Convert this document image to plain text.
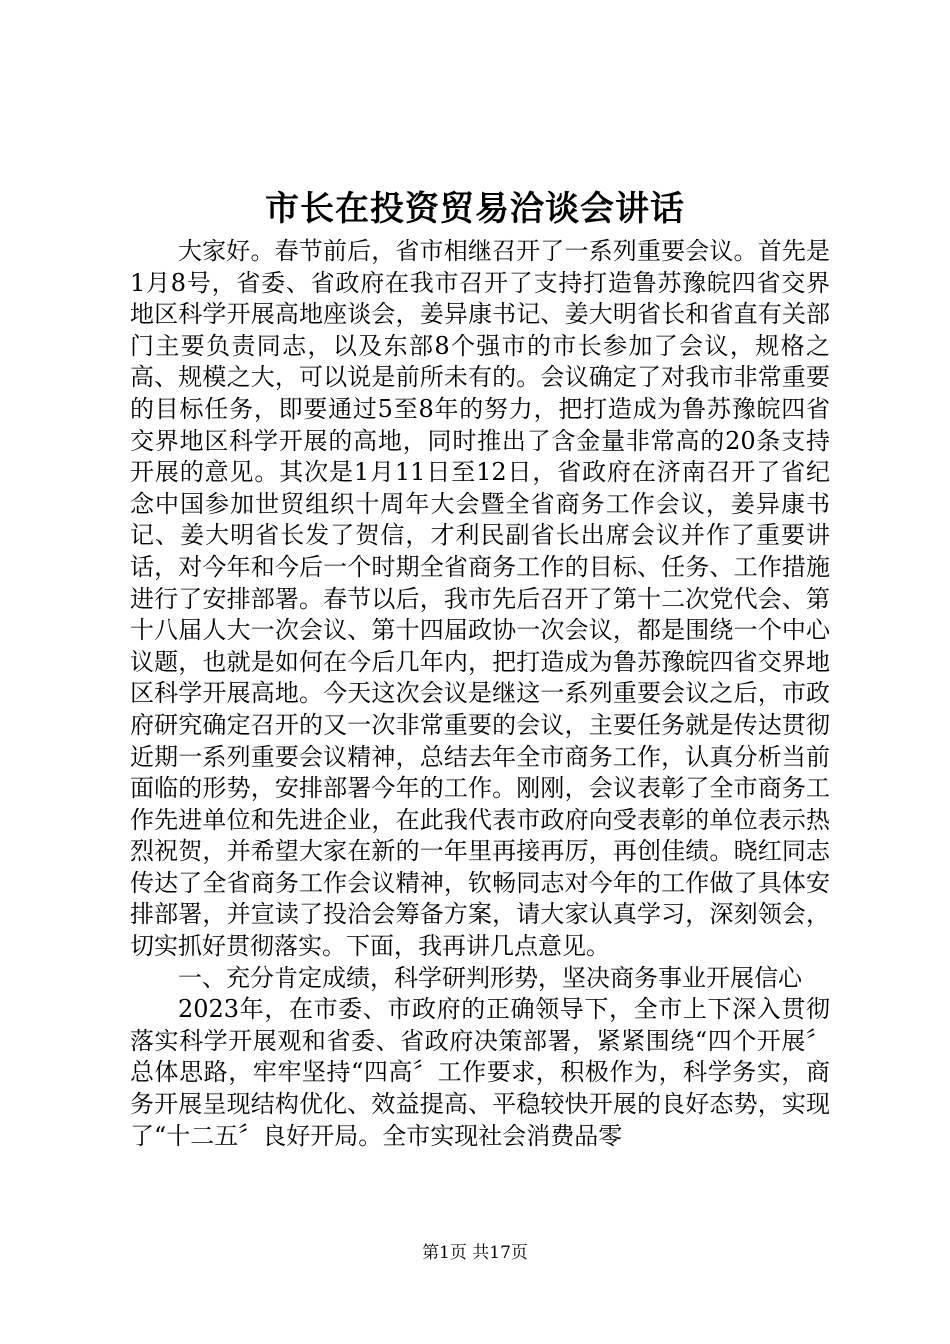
市长在投资贸易洽谈会讲话

大家好。春节前后，省市相继召开了一系列重要会议。首先是1月8号，省委、省政府在我市召开了支持打造鲁苏豫皖四省交界地区科学开展高地座谈会，姜异康书记、姜大明省长和省直有关部门主要负责同志，以及东部8个强市的市长参加了会议，规格之高、规模之大，可以说是前所未有的。会议确定了对我市非常重要的目标任务，即要通过5至8年的努力，把打造成为鲁苏豫皖四省交界地区科学开展的高地，同时推出了含金量非常高的20条支持开展的意见。其次是1月11日至12日，省政府在济南召开了省纪念中国参加世贸组织十周年大会暨全省商务工作会议，姜异康书记、姜大明省长发了贺信，才利民副省长出席会议并作了重要讲话，对今年和今后一个时期全省商务工作的目标、任务、工作措施进行了安排部署。春节以后，我市先后召开了第十二次党代会、第十八届人大一次会议、第十四届政协一次会议，都是围绕一个中心议题，也就是如何在今后几年内，把打造成为鲁苏豫皖四省交界地区科学开展高地。今天这次会议是继这一系列重要会议之后，市政府研究确定召开的又一次非常重要的会议，主要任务就是传达贯彻近期一系列重要会议精神，总结去年全市商务工作，认真分析当前面临的形势，安排部署今年的工作。刚刚，会议表彰了全市商务工作先进单位和先进企业，在此我代表市政府向受表彰的单位表示热烈祝贺，并希望大家在新的一年里再接再厉，再创佳绩。晓红同志传达了全省商务工作会议精神，钦畅同志对今年的工作做了具体安排部署，并宣读了投洽会筹备方案，请大家认真学习，深刻领会，切实抓好贯彻落实。下面，我再讲几点意见。

一、充分肯定成绩，科学研判形势，坚决商务事业开展信心

2023年，在市委、市政府的正确领导下，全市上下深入贯彻落实科学开展观和省委、省政府决策部署，紧紧围绕“四个开展〞总体思路，牢牢坚持“四高〞工作要求，积极作为，科学务实，商务开展呈现结构优化、效益提高、平稳较快开展的良好态势，实现了“十二五〞良好开局。全市实现社会消费品零

第1页 共17页
